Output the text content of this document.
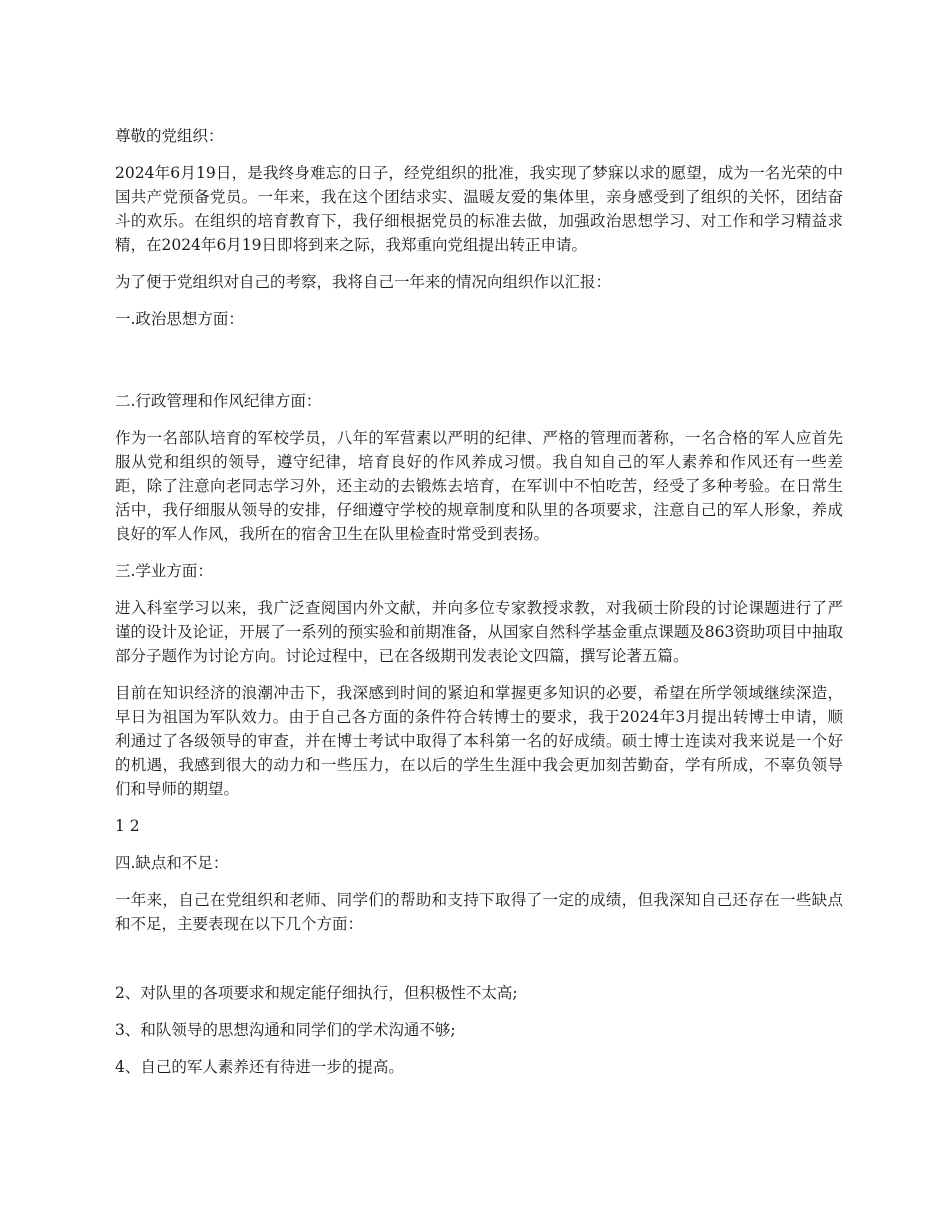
尊敬的党组织：

2024年6月19日，是我终身难忘的日子，经党组织的批准，我实现了梦寐以求的愿望，成为一名光荣的中国共产党预备党员。一年来，我在这个团结求实、温暖友爱的集体里，亲身感受到了组织的关怀，团结奋斗的欢乐。在组织的培育教育下，我仔细根据党员的标准去做，加强政治思想学习、对工作和学习精益求精，在2024年6月19日即将到来之际，我郑重向党组提出转正申请。

为了便于党组织对自己的考察，我将自己一年来的情况向组织作以汇报：

一.政治思想方面：

二.行政管理和作风纪律方面：

作为一名部队培育的军校学员，八年的军营素以严明的纪律、严格的管理而著称，一名合格的军人应首先服从党和组织的领导，遵守纪律，培育良好的作风养成习惯。我自知自己的军人素养和作风还有一些差距，除了注意向老同志学习外，还主动的去锻炼去培育，在军训中不怕吃苦，经受了多种考验。在日常生活中，我仔细服从领导的安排，仔细遵守学校的规章制度和队里的各项要求，注意自己的军人形象，养成良好的军人作风，我所在的宿舍卫生在队里检查时常受到表扬。

三.学业方面：

进入科室学习以来，我广泛查阅国内外文献，并向多位专家教授求教，对我硕士阶段的讨论课题进行了严谨的设计及论证，开展了一系列的预实验和前期准备，从国家自然科学基金重点课题及863资助项目中抽取部分子题作为讨论方向。讨论过程中，已在各级期刊发表论文四篇，撰写论著五篇。

目前在知识经济的浪潮冲击下，我深感到时间的紧迫和掌握更多知识的必要，希望在所学领域继续深造，早日为祖国为军队效力。由于自己各方面的条件符合转博士的要求，我于2024年3月提出转博士申请，顺利通过了各级领导的审查，并在博士考试中取得了本科第一名的好成绩。硕士博士连读对我来说是一个好的机遇，我感到很大的动力和一些压力，在以后的学生生涯中我会更加刻苦勤奋，学有所成，不辜负领导们和导师的期望。

1 2

四.缺点和不足：

一年来，自己在党组织和老师、同学们的帮助和支持下取得了一定的成绩，但我深知自己还存在一些缺点和不足，主要表现在以下几个方面：

2、对队里的各项要求和规定能仔细执行，但积极性不太高;

3、和队领导的思想沟通和同学们的学术沟通不够;

4、自己的军人素养还有待进一步的提高。
